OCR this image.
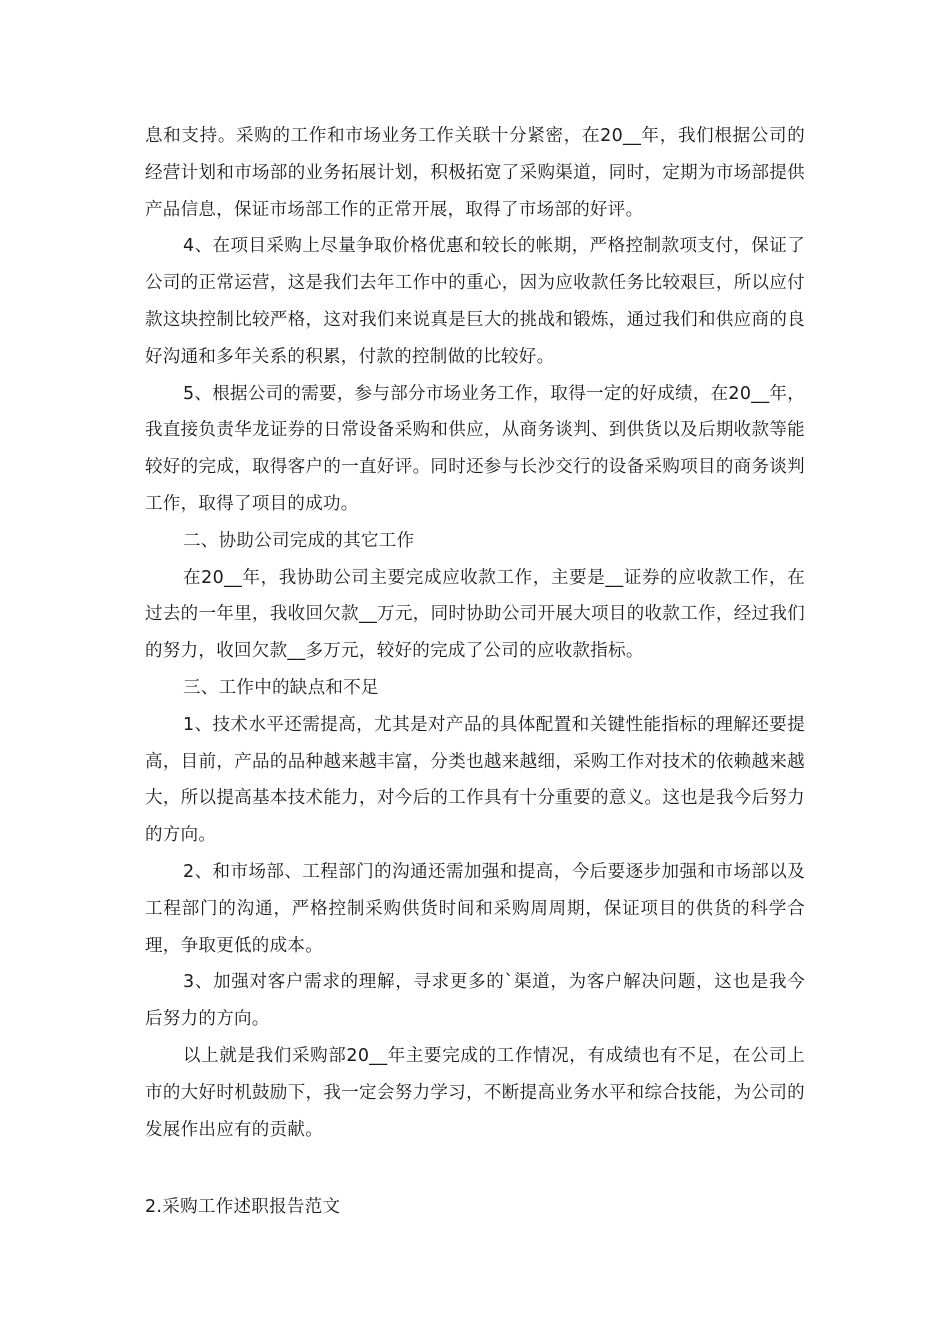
息和支持。采购的工作和市场业务工作关联十分紧密，在20__年，我们根据公司的经营计划和市场部的业务拓展计划，积极拓宽了采购渠道，同时，定期为市场部提供产品信息，保证市场部工作的正常开展，取得了市场部的好评。

4、在项目采购上尽量争取价格优惠和较长的帐期，严格控制款项支付，保证了公司的正常运营，这是我们去年工作中的重心，因为应收款任务比较艰巨，所以应付款这块控制比较严格，这对我们来说真是巨大的挑战和锻炼，通过我们和供应商的良好沟通和多年关系的积累，付款的控制做的比较好。

5、根据公司的需要，参与部分市场业务工作，取得一定的好成绩，在20__年，我直接负责华龙证券的日常设备采购和供应，从商务谈判、到供货以及后期收款等能较好的完成，取得客户的一直好评。同时还参与长沙交行的设备采购项目的商务谈判工作，取得了项目的成功。

二、协助公司完成的其它工作

在20__年，我协助公司主要完成应收款工作，主要是__证券的应收款工作，在过去的一年里，我收回欠款__万元，同时协助公司开展大项目的收款工作，经过我们的努力，收回欠款__多万元，较好的完成了公司的应收款指标。

三、工作中的缺点和不足

1、技术水平还需提高，尤其是对产品的具体配置和关键性能指标的理解还要提高，目前，产品的品种越来越丰富，分类也越来越细，采购工作对技术的依赖越来越大，所以提高基本技术能力，对今后的工作具有十分重要的意义。这也是我今后努力的方向。

2、和市场部、工程部门的沟通还需加强和提高，今后要逐步加强和市场部以及工程部门的沟通，严格控制采购供货时间和采购周周期，保证项目的供货的科学合理，争取更低的成本。

3、加强对客户需求的理解，寻求更多的`渠道，为客户解决问题，这也是我今后努力的方向。

以上就是我们采购部20__年主要完成的工作情况，有成绩也有不足，在公司上市的大好时机鼓励下，我一定会努力学习，不断提高业务水平和综合技能，为公司的发展作出应有的贡献。

2.采购工作述职报告范文
